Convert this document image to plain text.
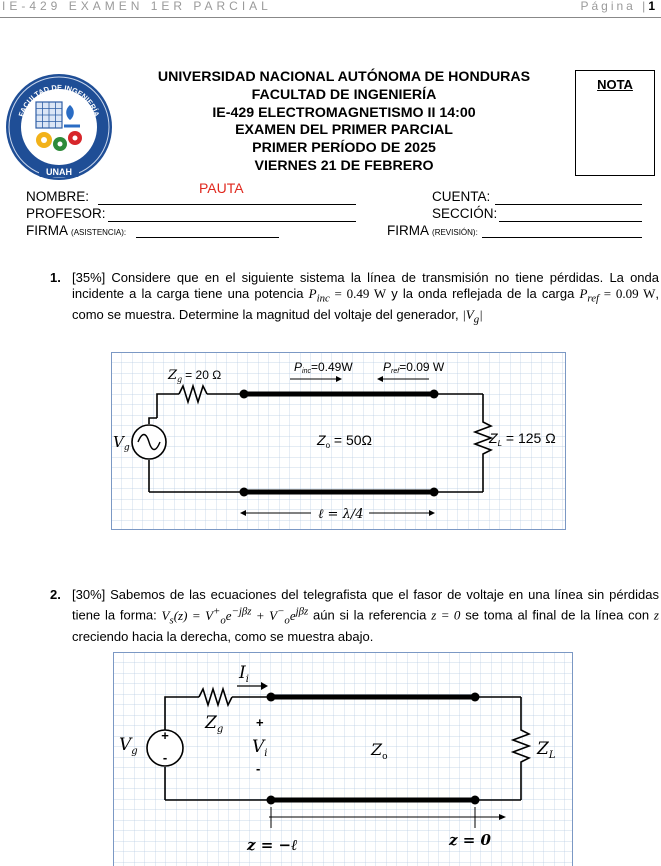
IE-429 EXAMEN 1ER PARCIAL	Página |1
FACULTAD DE INGENIERÍA
UNAH
UNIVERSIDAD NACIONAL AUTÓNOMA DE HONDURAS
FACULTAD DE INGENIERÍA
IE-429 ELECTROMAGNETISMO II 14:00
EXAMEN DEL PRIMER PARCIAL
PRIMER PERÍODO DE 2025
VIERNES 21 DE FEBRERO
NOTA
PAUTA
NOMBRE:
PROFESOR:
FIRMA (ASISTENCIA):
CUENTA:
SECCIÓN:
FIRMA (REVISIÓN):
1. [35%] Considere que en el siguiente sistema la línea de transmisión no tiene pérdidas. La onda incidente a la carga tiene una potencia $P_{inc} = 0.49$ W y la onda reflejada de la carga $P_{ref} = 0.09$ W, como se muestra. Determine la magnitud del voltaje del generador, $|V_g|$
$Z_g = 20$ Ω
Pinc=0.49W	Pref=0.09 W
$V_g$	$Z_o = 50\Omega$	$Z_L = 125$ Ω
ℓ = λ/4
2. [30%] Sabemos de las ecuaciones del telegrafista que el fasor de voltaje en una línea sin pérdidas tiene la forma: $V_s(z) = V^+_oe^{-j\beta z} + V^-_oe^{j\beta z}$ aún si la referencia z = 0 se toma al final de la línea con z creciendo hacia la derecha, como se muestra abajo.
+
-
$I_i$
$Z_g$
$V_g$
+
$V_i$
-
$Z_o$	$Z_L$
z = −ℓ	z = 0
